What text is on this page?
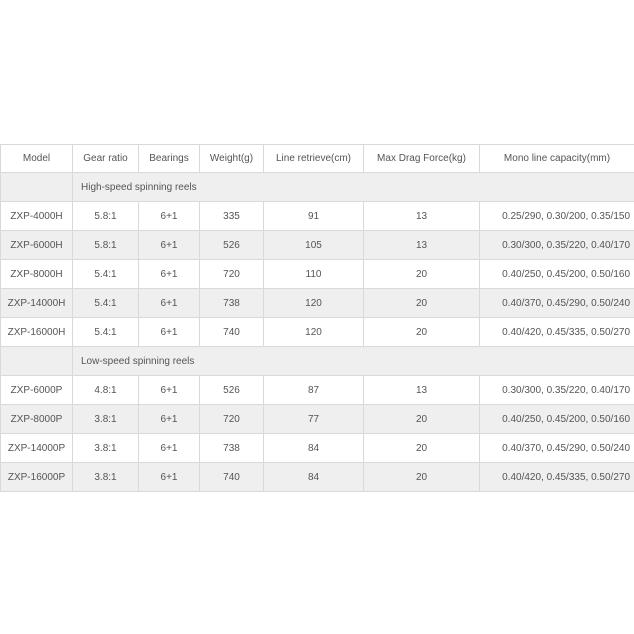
Model	Gear ratio	Bearings	Weight(g)	Line retrieve(cm)	Max Drag Force(kg)	Mono line capacity(mm)
	High-speed spinning reels					
ZXP-4000H	5.8:1	6+1	335	91	13	0.25/290, 0.30/200, 0.35/150
ZXP-6000H	5.8:1	6+1	526	105	13	0.30/300, 0.35/220, 0.40/170
ZXP-8000H	5.4:1	6+1	720	110	20	0.40/250, 0.45/200, 0.50/160
ZXP-14000H	5.4:1	6+1	738	120	20	0.40/370, 0.45/290, 0.50/240
ZXP-16000H	5.4:1	6+1	740	120	20	0.40/420, 0.45/335, 0.50/270
	Low-speed spinning reels					
ZXP-6000P	4.8:1	6+1	526	87	13	0.30/300, 0.35/220, 0.40/170
ZXP-8000P	3.8:1	6+1	720	77	20	0.40/250, 0.45/200, 0.50/160
ZXP-14000P	3.8:1	6+1	738	84	20	0.40/370, 0.45/290, 0.50/240
ZXP-16000P	3.8:1	6+1	740	84	20	0.40/420, 0.45/335, 0.50/270
